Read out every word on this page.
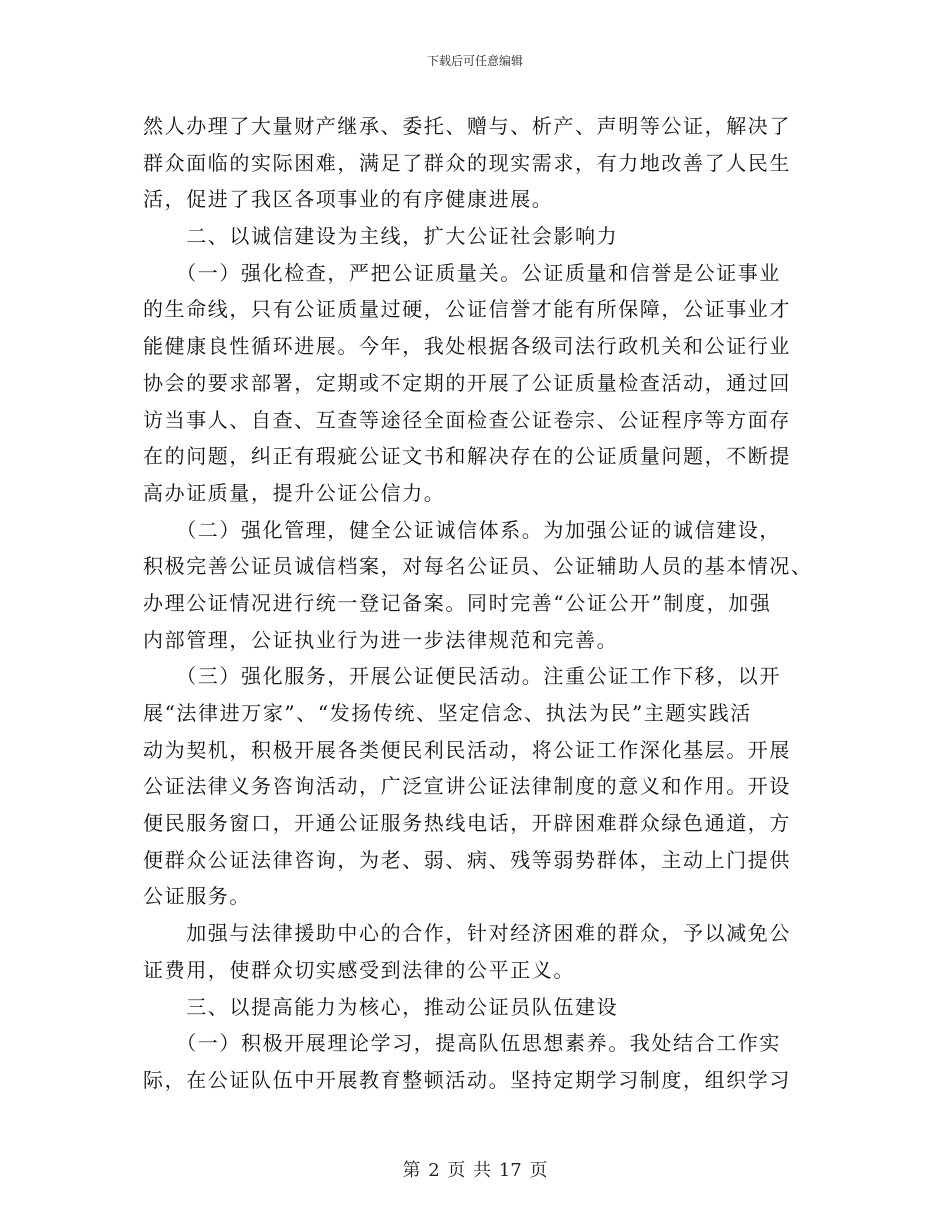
下载后可任意编辑
然人办理了大量财产继承、委托、赠与、析产、声明等公证，解决了
群众面临的实际困难，满足了群众的现实需求，有力地改善了人民生
活，促进了我区各项事业的有序健康进展。
　　二、以诚信建设为主线，扩大公证社会影响力
　　（一）强化检查，严把公证质量关。公证质量和信誉是公证事业
的生命线，只有公证质量过硬，公证信誉才能有所保障，公证事业才
能健康良性循环进展。今年，我处根据各级司法行政机关和公证行业
协会的要求部署，定期或不定期的开展了公证质量检查活动，通过回
访当事人、自查、互查等途径全面检查公证卷宗、公证程序等方面存
在的问题，纠正有瑕疵公证文书和解决存在的公证质量问题，不断提
高办证质量，提升公证公信力。
　　（二）强化管理，健全公证诚信体系。为加强公证的诚信建设，
积极完善公证员诚信档案，对每名公证员、公证辅助人员的基本情况、
办理公证情况进行统一登记备案。同时完善“公证公开”制度，加强
内部管理，公证执业行为进一步法律规范和完善。
　　（三）强化服务，开展公证便民活动。注重公证工作下移，以开
展“法律进万家”、“发扬传统、坚定信念、执法为民”主题实践活
动为契机，积极开展各类便民利民活动，将公证工作深化基层。开展
公证法律义务咨询活动，广泛宣讲公证法律制度的意义和作用。开设
便民服务窗口，开通公证服务热线电话，开辟困难群众绿色通道，方
便群众公证法律咨询，为老、弱、病、残等弱势群体，主动上门提供
公证服务。
　　加强与法律援助中心的合作，针对经济困难的群众，予以减免公
证费用，使群众切实感受到法律的公平正义。
　　三、以提高能力为核心，推动公证员队伍建设
　　（一）积极开展理论学习，提高队伍思想素养。我处结合工作实
际，在公证队伍中开展教育整顿活动。坚持定期学习制度，组织学习
第 2 页 共 17 页
